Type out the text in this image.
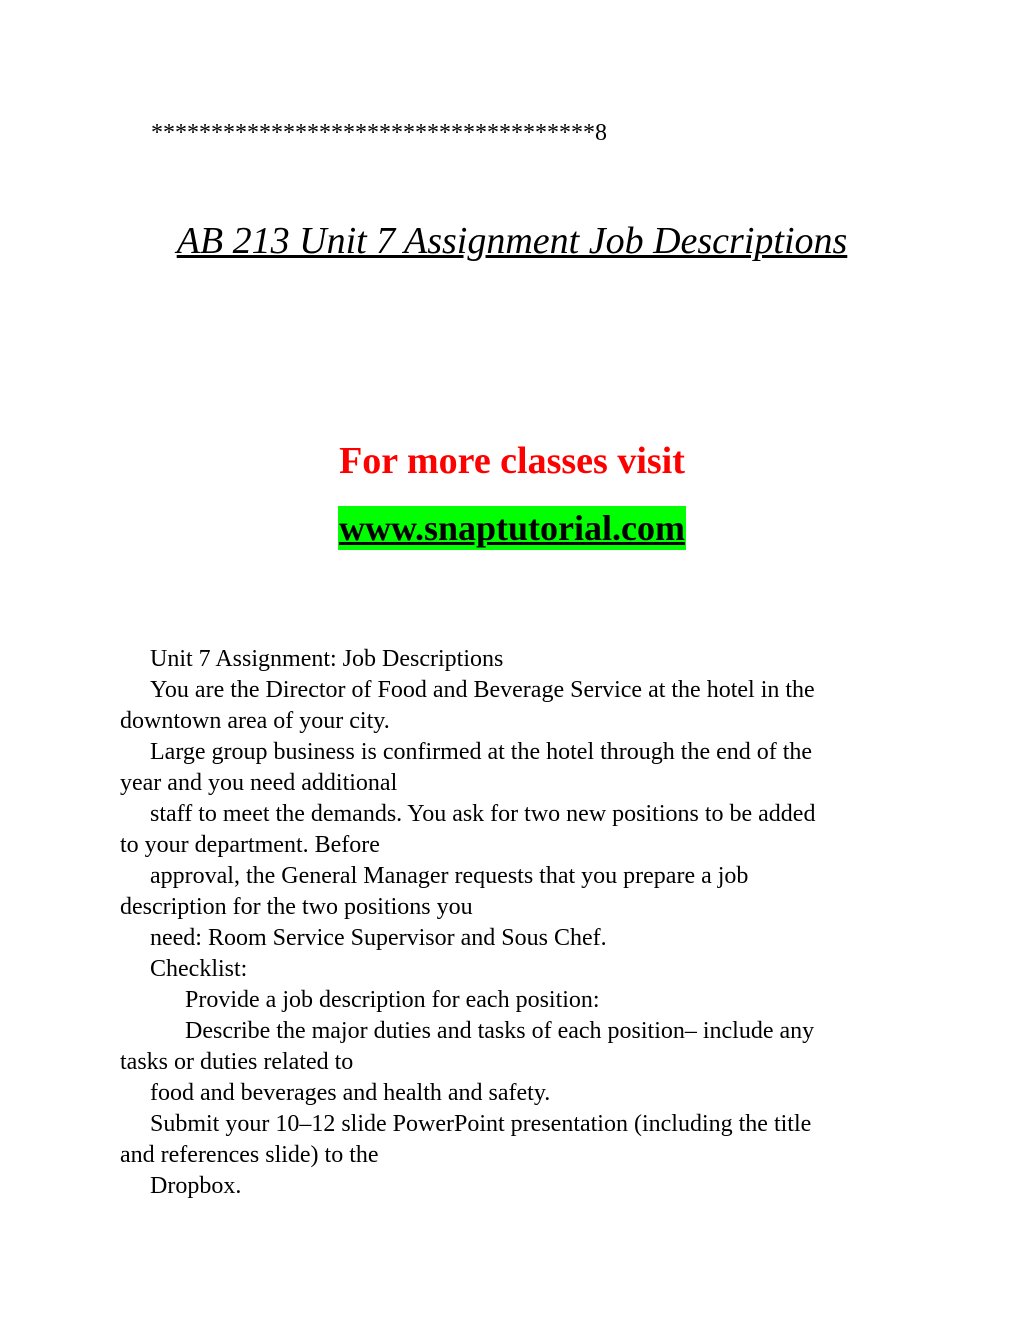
*************************************8
AB 213 Unit 7 Assignment Job Descriptions
For more classes visit
www.snaptutorial.com

Unit 7 Assignment: Job Descriptions

You are the Director of Food and Beverage Service at the hotel in the

downtown area of your city.

Large group business is confirmed at the hotel through the end of the

year and you need additional

staff to meet the demands. You ask for two new positions to be added

to your department. Before

approval, the General Manager requests that you prepare a job

description for the two positions you

need: Room Service Supervisor and Sous Chef.

Checklist:

Provide a job description for each position:

Describe the major duties and tasks of each position– include any

tasks or duties related to

food and beverages and health and safety.

Submit your 10–12 slide PowerPoint presentation (including the title

and references slide) to the

Dropbox.
